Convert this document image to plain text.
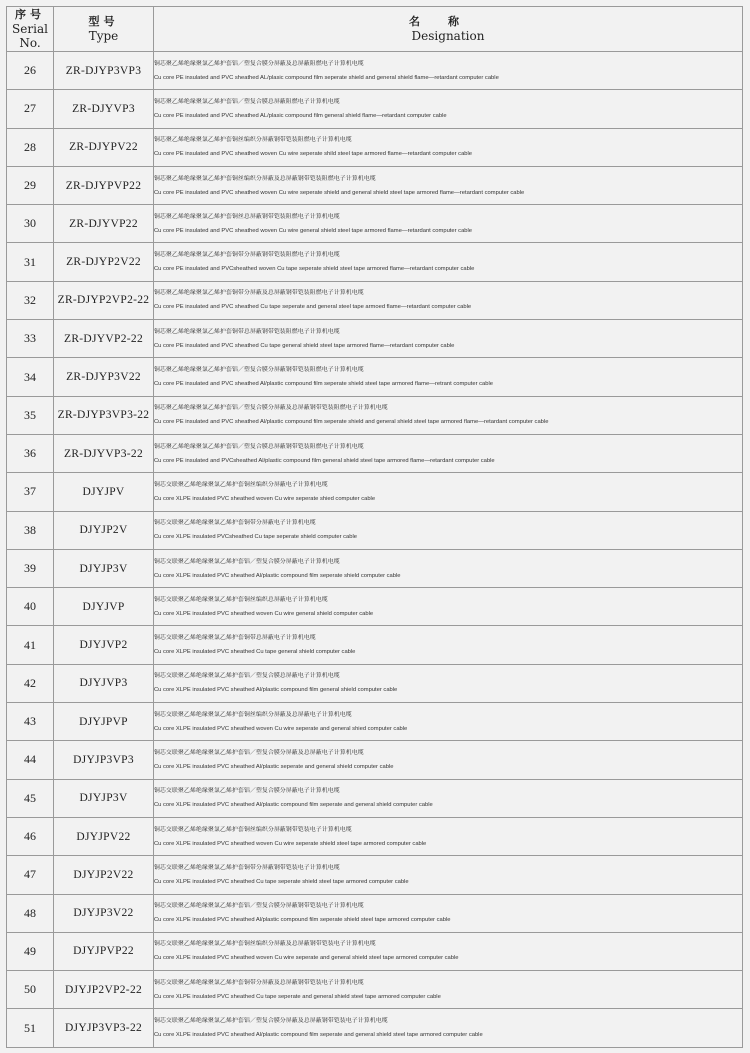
序号
Serial
No.	型号
Type	名称
Designation

26	ZR-DJYP3VP3	铜芯聚乙烯绝缘聚氯乙烯护套铝／塑复合膜分屏蔽及总屏蔽阻燃电子计算机电缆
Cu core PE insulated and PVC sheathed AL/plasic compound film seperate shield and general shield flame—retardant computer cable

27	ZR-DJYVP3	铜芯聚乙烯绝缘聚氯乙烯护套铝／塑复合膜总屏蔽阻燃电子计算机电缆
Cu core PE insulated and PVC sheathed AL/plasic compound film general shield flame—retardant computer cable

28	ZR-DJYPV22	铜芯聚乙烯绝缘聚氯乙烯护套铜丝编织分屏蔽钢带铠装阻燃电子计算机电缆
Cu core PE insulated and PVC sheathed woven Cu wire seperate shild steel tape armored flame—retardant computer cable

29	ZR-DJYPVP22	铜芯聚乙烯绝缘聚氯乙烯护套铜丝编织分屏蔽及总屏蔽钢带铠装阻燃电子计算机电缆
Cu core PE insulated and PVC sheathed woven Cu wire seperate shield and general shield steel tape armored flame—retardant computer cable

30	ZR-DJYVP22	铜芯聚乙烯绝缘聚氯乙烯护套铜丝总屏蔽钢带铠装阻燃电子计算机电缆
Cu core PE insulated and PVC sheathed woven Cu wire general shield steel tape armored flame—retardant computer cable

31	ZR-DJYP2V22	铜芯聚乙烯绝缘聚氯乙烯护套铜带分屏蔽钢带铠装阻燃电子计算机电缆
Cu core PE insulated and PVCsheathed woven Cu tape seperate shield steel tape armored flame—retardant computer cable

32	ZR-DJYP2VP2-22	铜芯聚乙烯绝缘聚氯乙烯护套铜带分屏蔽及总屏蔽钢带铠装阻燃电子计算机电缆
Cu core PE insulated and PVC sheathed Cu tape seperate and general steel tape armoed flame—retardant computer cable

33	ZR-DJYVP2-22	铜芯聚乙烯绝缘聚氯乙烯护套铜带总屏蔽钢带铠装阻燃电子计算机电缆
Cu core PE insulated and PVC sheathed Cu tape general shield steel tape armored flame—retardant computer cable

34	ZR-DJYP3V22	铜芯聚乙烯绝缘聚氯乙烯护套铝／塑复合膜分屏蔽钢带铠装阻燃电子计算机电缆
Cu core PE insulated and PVC sheathed Al/plastic compound film seperate shield steel tape armored flame—retrant computer cable

35	ZR-DJYP3VP3-22	铜芯聚乙烯绝缘聚氯乙烯护套铝／塑复合膜分屏蔽及总屏蔽钢带铠装阻燃电子计算机电缆
Cu core PE insulated and PVC sheathed Al/plastic compound film seperate shield and general shield steel tape armored flame—retardant computer cable

36	ZR-DJYVP3-22	铜芯聚乙烯绝缘聚氯乙烯护套铝／塑复合膜总屏蔽钢带铠装阻燃电子计算机电缆
Cu core PE insulated and PVCsheathed Al/plastic compound film general shield steel tape armored flame—retardant computer cable

37	DJYJPV	铜芯交联聚乙烯绝缘聚氯乙烯护套铜丝编织分屏蔽电子计算机电缆
Cu core XLPE insulated PVC sheathed woven Cu wire seperate shied computer cable

38	DJYJP2V	铜芯交联聚乙烯绝缘聚氯乙烯护套铜带分屏蔽电子计算机电缆
Cu core XLPE insulated PVCsheathed Cu tape seperate shield computer cable

39	DJYJP3V	铜芯交联聚乙烯绝缘聚氯乙烯护套铝／塑复合膜分屏蔽电子计算机电缆
Cu core XLPE insulated PVC sheathed Al/plastic compound film seperate shield computer cable

40	DJYJVP	铜芯交联聚乙烯绝缘聚氯乙烯护套铜丝编织总屏蔽电子计算机电缆
Cu core XLPE insulated PVC sheathed woven Cu wire general shield computer cable

41	DJYJVP2	铜芯交联聚乙烯绝缘聚氯乙烯护套铜带总屏蔽电子计算机电缆
Cu core XLPE insulated PVC sheathed Cu tape general shield computer cable

42	DJYJVP3	铜芯交联聚乙烯绝缘聚氯乙烯护套铝／塑复合膜总屏蔽电子计算机电缆
Cu core XLPE insulated PVC sheathed Al/plastic compound film general shield computer cable

43	DJYJPVP	铜芯交联聚乙烯绝缘聚氯乙烯护套铜丝编织分屏蔽及总屏蔽电子计算机电缆
Cu core XLPE insulated PVC sheathed woven Cu wire seperate and general shied computer cable

44	DJYJP3VP3	铜芯交联聚乙烯绝缘聚氯乙烯护套铝／塑复合膜分屏蔽及总屏蔽电子计算机电缆
Cu core XLPE insulated PVC sheathed Al/plastic seperate and general shield computer cable

45	DJYJP3V	铜芯交联聚乙烯绝缘聚氯乙烯护套铝／塑复合膜分屏蔽电子计算机电缆
Cu core XLPE insulated PVC sheathed Al/plastic compound film seperate and general shield computer cable

46	DJYJPV22	铜芯交联聚乙烯绝缘聚氯乙烯护套铜丝编织分屏蔽钢带铠装电子计算机电缆
Cu core XLPE insulated PVC sheathed woven Cu wire seperate shield steel tape armored computer cable

47	DJYJP2V22	铜芯交联聚乙烯绝缘聚氯乙烯护套铜带分屏蔽钢带铠装电子计算机电缆
Cu core XLPE insulated PVC sheathed Cu tape seperate shield steel tape armored computer cable

48	DJYJP3V22	铜芯交联聚乙烯绝缘聚氯乙烯护套铝／塑复合膜分屏蔽钢带铠装电子计算机电缆
Cu core XLPE insulated PVC sheathed Al/plastic compound film seperate shield steel tape armored computer cable

49	DJYJPVP22	铜芯交联聚乙烯绝缘聚氯乙烯护套铜丝编织分屏蔽及总屏蔽钢带铠装电子计算机电缆
Cu core XLPE insulated PVC sheathed woven Cu wire seperate and general shield steel tape armored computer cable

50	DJYJP2VP2-22	铜芯交联聚乙烯绝缘聚氯乙烯护套铜带分屏蔽及总屏蔽钢带铠装电子计算机电缆
Cu core XLPE insulated PVC sheathed Cu tape seperate and general shield steel tape armored computer cable

51	DJYJP3VP3-22	铜芯交联聚乙烯绝缘聚氯乙烯护套铝／塑复合膜分屏蔽及总屏蔽钢带铠装电子计算机电缆
Cu core XLPE insulated PVC sheathed Al/plastic compound film seperate and general shield steel tape armored computer cable
